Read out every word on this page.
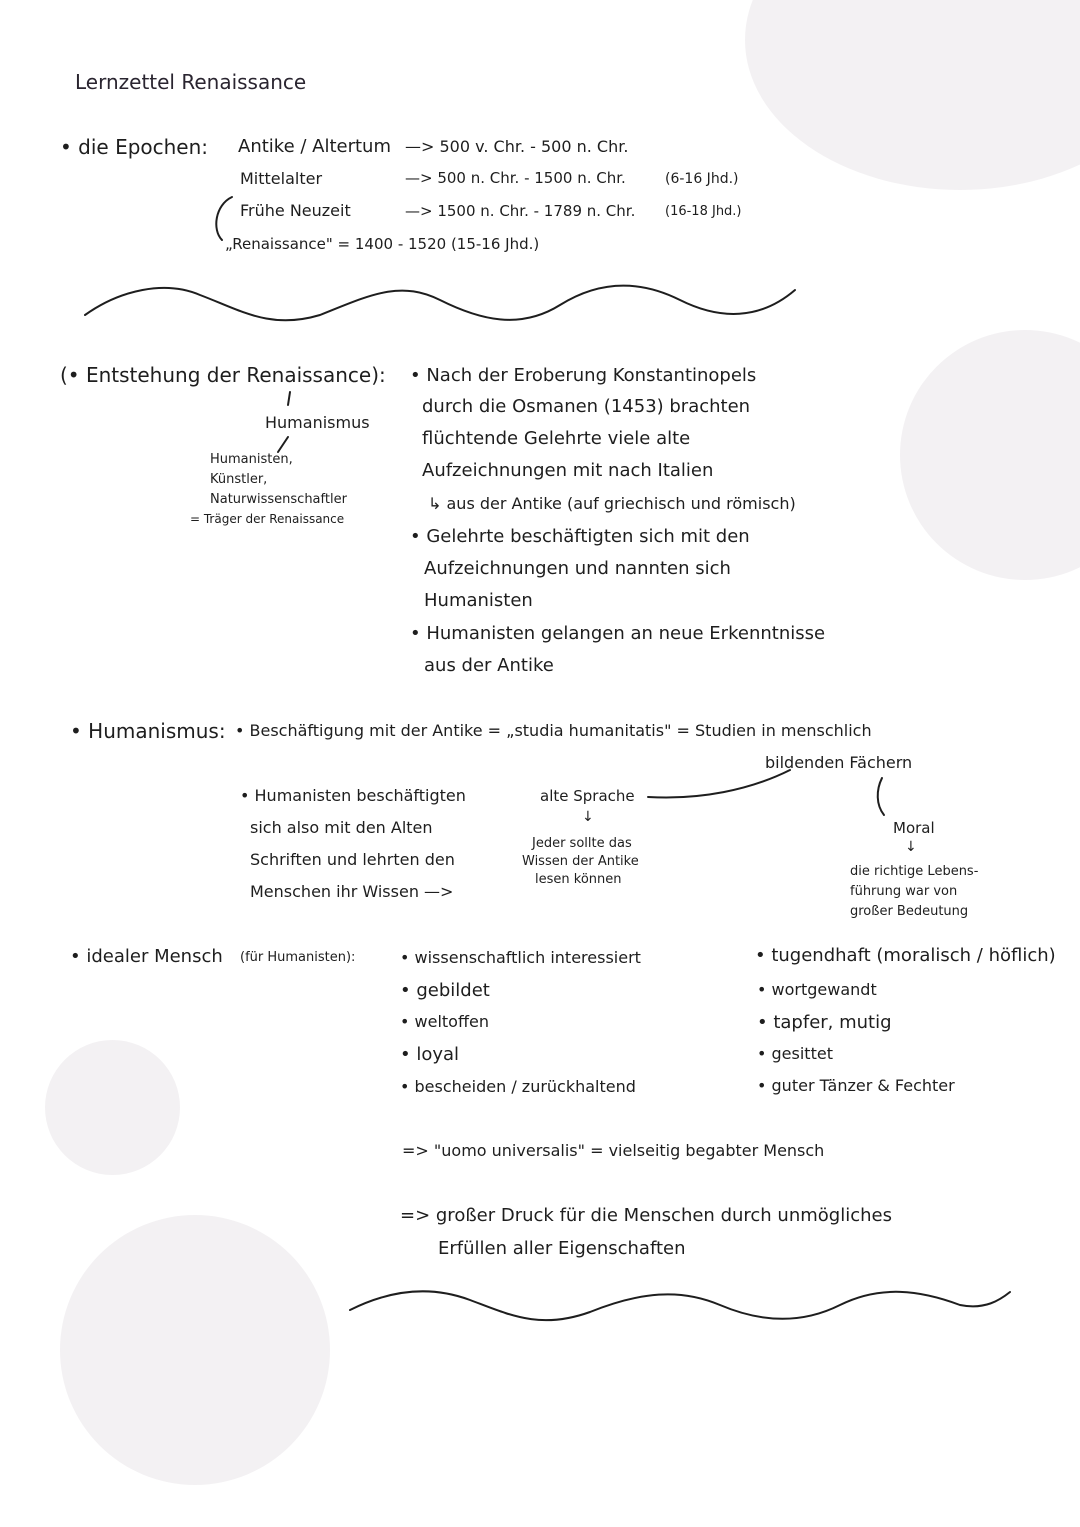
Lernzettel Renaissance
• die Epochen: Antike / Altertum —> 500 v. Chr. - 500 n. Chr.
Mittelalter	—> 500 n. Chr. - 1500 n. Chr.	(6-16 Jhd.)
Frühe Neuzeit	—> 1500 n. Chr. - 1789 n. Chr. (16-18 Jhd.)
„Renaissance" = 1400 - 1520 (15-16 Jhd.)
(• Entstehung der Renaissance):
Humanismus
Humanisten,
Künstler,
Naturwissenschaftler
= Träger der Renaissance
• Nach der Eroberung Konstantinopels
durch die Osmanen (1453) brachten
flüchtende Gelehrte viele alte
Aufzeichnungen mit nach Italien
↳ aus der Antike (auf griechisch und römisch)
• Gelehrte beschäftigten sich mit den
Aufzeichnungen und nannten sich
Humanisten
• Humanisten gelangen an neue Erkenntnisse
aus der Antike
• Humanismus: • Beschäftigung mit der Antike = „studia humanitatis" = Studien in menschlich
bildenden Fächern
• Humanisten beschäftigten
sich also mit den Alten
Schriften und lehrten den
Menschen ihr Wissen —>
alte Sprache
↓
Jeder sollte das
Wissen der Antike
lesen können
Moral
↓
die richtige Lebens-
führung war von
großer Bedeutung
• idealer Mensch (für Humanisten):	• wissenschaftlich interessiert
• gebildet
• weltoffen
• loyal
• bescheiden / zurückhaltend
• tugendhaft (moralisch / höflich)
• wortgewandt
• tapfer, mutig
• gesittet
• guter Tänzer & Fechter
=> "uomo universalis" = vielseitig begabter Mensch
=> großer Druck für die Menschen durch unmögliches
Erfüllen aller Eigenschaften
